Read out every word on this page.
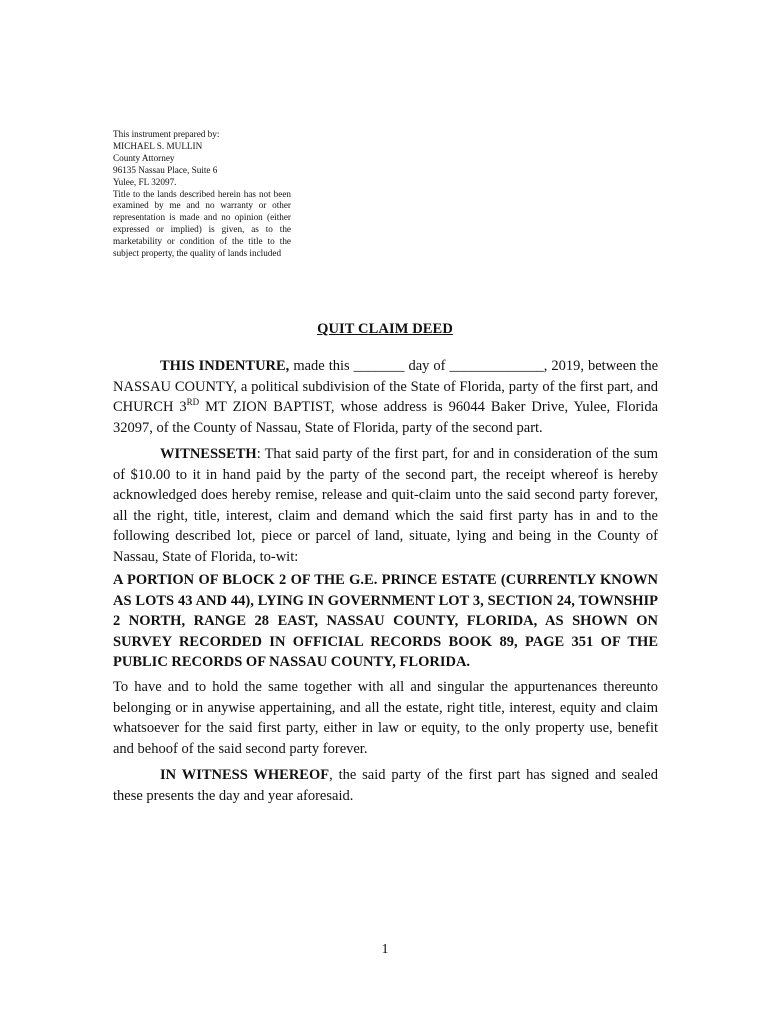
This instrument prepared by:
MICHAEL S. MULLIN
County Attorney
96135 Nassau Place, Suite 6
Yulee, FL 32097.
Title to the lands described herein has not been examined by me and no warranty or other representation is made and no opinion (either expressed or implied) is given, as to the marketability or condition of the title to the subject property, the quality of lands included
QUIT CLAIM DEED

THIS INDENTURE, made this _______ day of _____________, 2019, between the NASSAU COUNTY, a political subdivision of the State of Florida, party of the first part, and CHURCH 3RD MT ZION BAPTIST, whose address is 96044 Baker Drive, Yulee, Florida 32097, of the County of Nassau, State of Florida, party of the second part.

WITNESSETH: That said party of the first part, for and in consideration of the sum of $10.00 to it in hand paid by the party of the second part, the receipt whereof is hereby acknowledged does hereby remise, release and quit-claim unto the said second party forever, all the right, title, interest, claim and demand which the said first party has in and to the following described lot, piece or parcel of land, situate, lying and being in the County of Nassau, State of Florida, to-wit:

A PORTION OF BLOCK 2 OF THE G.E. PRINCE ESTATE (CURRENTLY KNOWN AS LOTS 43 AND 44), LYING IN GOVERNMENT LOT 3, SECTION 24, TOWNSHIP 2 NORTH, RANGE 28 EAST, NASSAU COUNTY, FLORIDA, AS SHOWN ON SURVEY RECORDED IN OFFICIAL RECORDS BOOK 89, PAGE 351 OF THE PUBLIC RECORDS OF NASSAU COUNTY, FLORIDA.

To have and to hold the same together with all and singular the appurtenances thereunto belonging or in anywise appertaining, and all the estate, right title, interest, equity and claim whatsoever for the said first party, either in law or equity, to the only property use, benefit and behoof of the said second party forever.

IN WITNESS WHEREOF, the said party of the first part has signed and sealed these presents the day and year aforesaid.

1
